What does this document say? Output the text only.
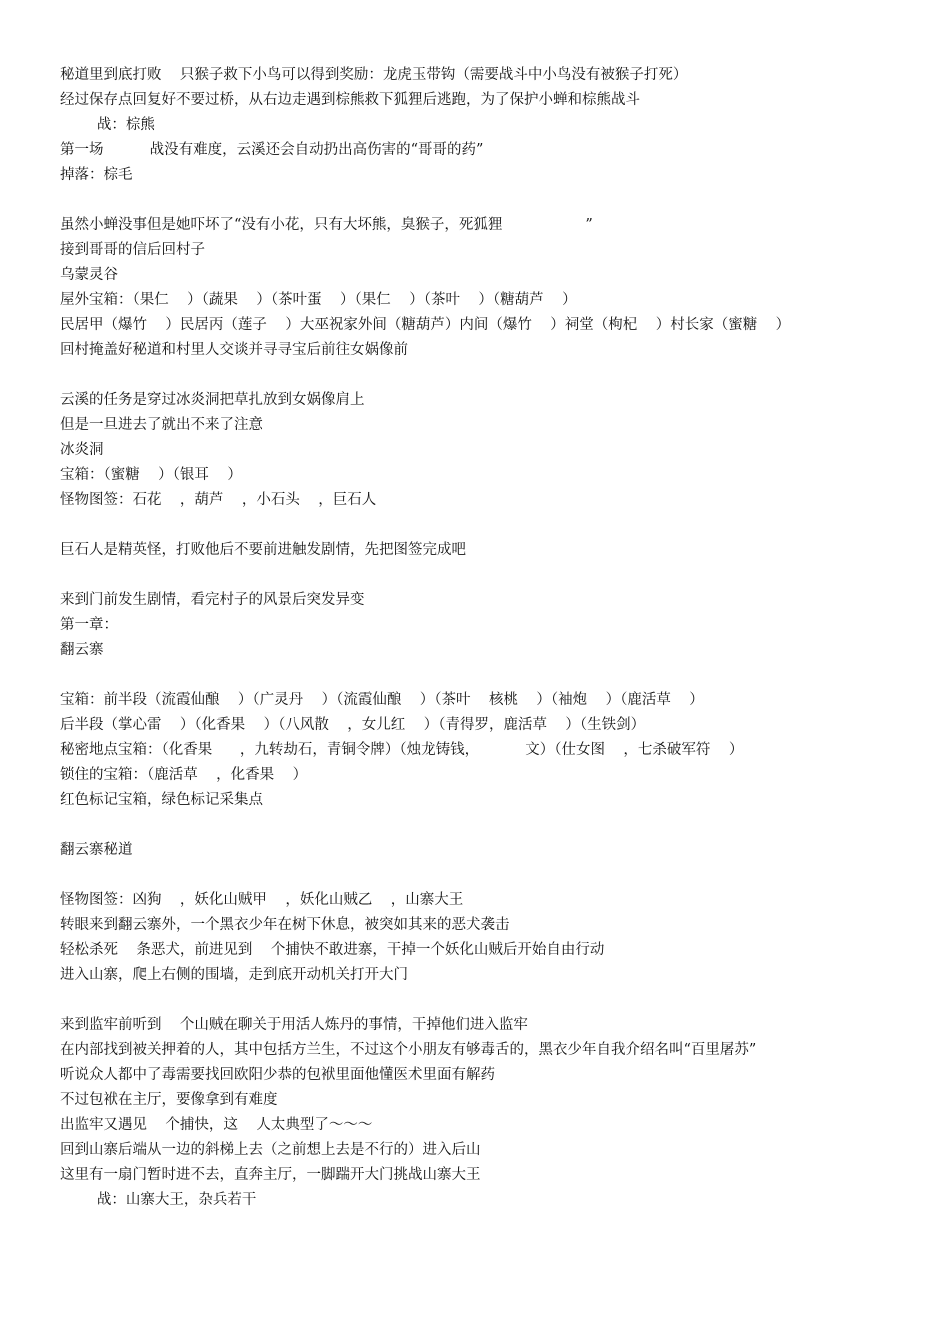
秘道里到底打败    只猴子救下小鸟可以得到奖励：龙虎玉带钩（需要战斗中小鸟没有被猴子打死）
经过保存点回复好不要过桥，从右边走遇到棕熊救下狐狸后逃跑，为了保护小蝉和棕熊战斗
战：棕熊
第一场          战没有难度，云溪还会自动扔出高伤害的“哥哥的药”
掉落：棕毛
虽然小蝉没事但是她吓坏了“没有小花，只有大坏熊，臭猴子，死狐狸                  ”
接到哥哥的信后回村子
乌蒙灵谷
屋外宝箱：（果仁    ）（蔬果    ）（茶叶蛋    ）（果仁    ）（茶叶    ）（糖葫芦    ）
民居甲（爆竹    ）民居丙（莲子    ）大巫祝家外间（糖葫芦）内间（爆竹    ）祠堂（枸杞    ）村长家（蜜糖    ）
回村掩盖好秘道和村里人交谈并寻寻宝后前往女娲像前
云溪的任务是穿过冰炎洞把草扎放到女娲像肩上
但是一旦进去了就出不来了注意
冰炎洞
宝箱：（蜜糖    ）（银耳    ）
怪物图签：石花    ，葫芦    ，小石头    ，巨石人
巨石人是精英怪，打败他后不要前进触发剧情，先把图签完成吧
来到门前发生剧情，看完村子的风景后突发异变
第一章：
翻云寨
宝箱：前半段（流霞仙酿    ）（广灵丹    ）（流霞仙酿    ）（茶叶    核桃    ）（袖炮    ）（鹿活草    ）
后半段（掌心雷    ）（化香果    ）（八风散    ，女儿红    ）（青得罗，鹿活草    ）（生铁剑）
秘密地点宝箱：（化香果      ，九转劫石，青铜令牌）（烛龙铸钱，          文）（仕女图    ，七杀破军符    ）
锁住的宝箱：（鹿活草    ，化香果    ）
红色标记宝箱，绿色标记采集点
翻云寨秘道
怪物图签：凶狗    ，妖化山贼甲    ，妖化山贼乙    ，山寨大王
转眼来到翻云寨外，一个黑衣少年在树下休息，被突如其来的恶犬袭击
轻松杀死    条恶犬，前进见到    个捕快不敢进寨，干掉一个妖化山贼后开始自由行动
进入山寨，爬上右侧的围墙，走到底开动机关打开大门
来到监牢前听到    个山贼在聊关于用活人炼丹的事情，干掉他们进入监牢
在内部找到被关押着的人，其中包括方兰生，不过这个小朋友有够毒舌的，黑衣少年自我介绍名叫“百里屠苏”
听说众人都中了毒需要找回欧阳少恭的包袱里面他懂医术里面有解药
不过包袱在主厅，要像拿到有难度
出监牢又遇见    个捕快，这    人太典型了～～～
回到山寨后端从一边的斜梯上去（之前想上去是不行的）进入后山
这里有一扇门暂时进不去，直奔主厅，一脚踹开大门挑战山寨大王
战：山寨大王，杂兵若干
